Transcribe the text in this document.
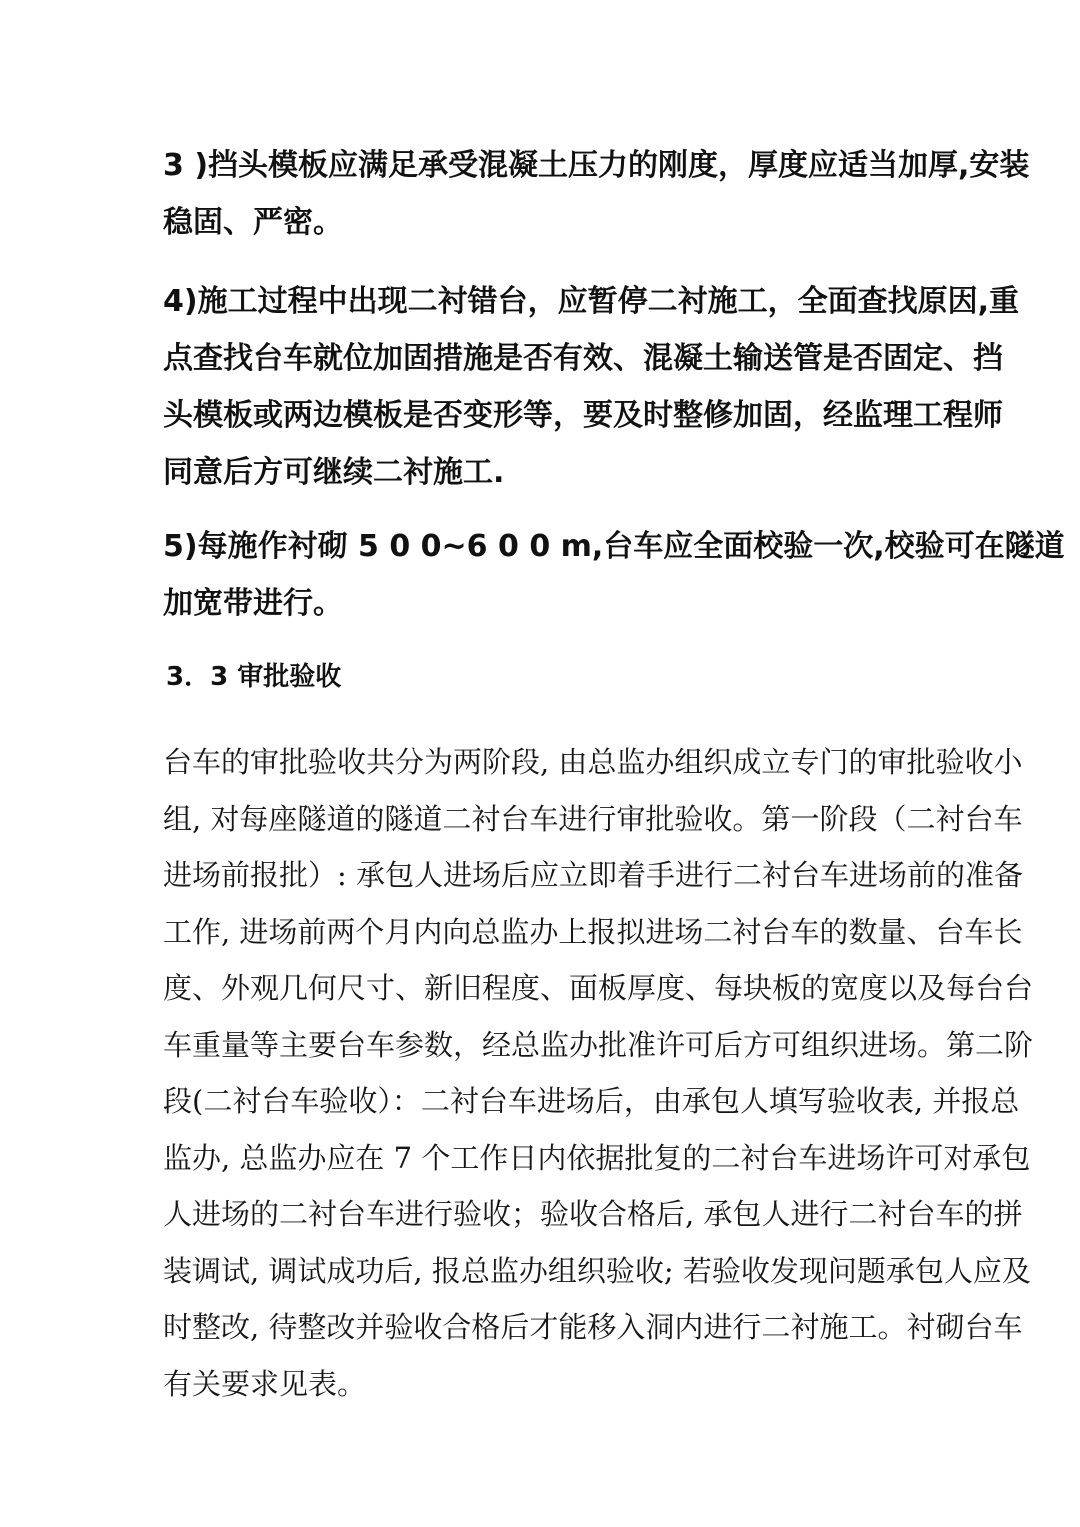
3 )挡头模板应满足承受混凝土压力的刚度，厚度应适当加厚,安装
稳固、严密。

4)施工过程中出现二衬错台，应暂停二衬施工，全面查找原因,重
点查找台车就位加固措施是否有效、混凝土输送管是否固定、挡
头模板或两边模板是否变形等，要及时整修加固，经监理工程师
同意后方可继续二衬施工.

5)每施作衬砌 5 0 0~6 0 0 m,台车应全面校验一次,校验可在隧道
加宽带进行。

3．3 审批验收

台车的审批验收共分为两阶段, 由总监办组织成立专门的审批验收小
组, 对每座隧道的隧道二衬台车进行审批验收。第一阶段（二衬台车
进场前报批）: 承包人进场后应立即着手进行二衬台车进场前的准备
工作, 进场前两个月内向总监办上报拟进场二衬台车的数量、台车长
度、外观几何尺寸、新旧程度、面板厚度、每块板的宽度以及每台台
车重量等主要台车参数，经总监办批准许可后方可组织进场。第二阶
段(二衬台车验收）：二衬台车进场后，由承包人填写验收表, 并报总
监办, 总监办应在 7 个工作日内依据批复的二衬台车进场许可对承包
人进场的二衬台车进行验收；验收合格后, 承包人进行二衬台车的拼
装调试, 调试成功后, 报总监办组织验收; 若验收发现问题承包人应及
时整改, 待整改并验收合格后才能移入洞内进行二衬施工。衬砌台车
有关要求见表。
